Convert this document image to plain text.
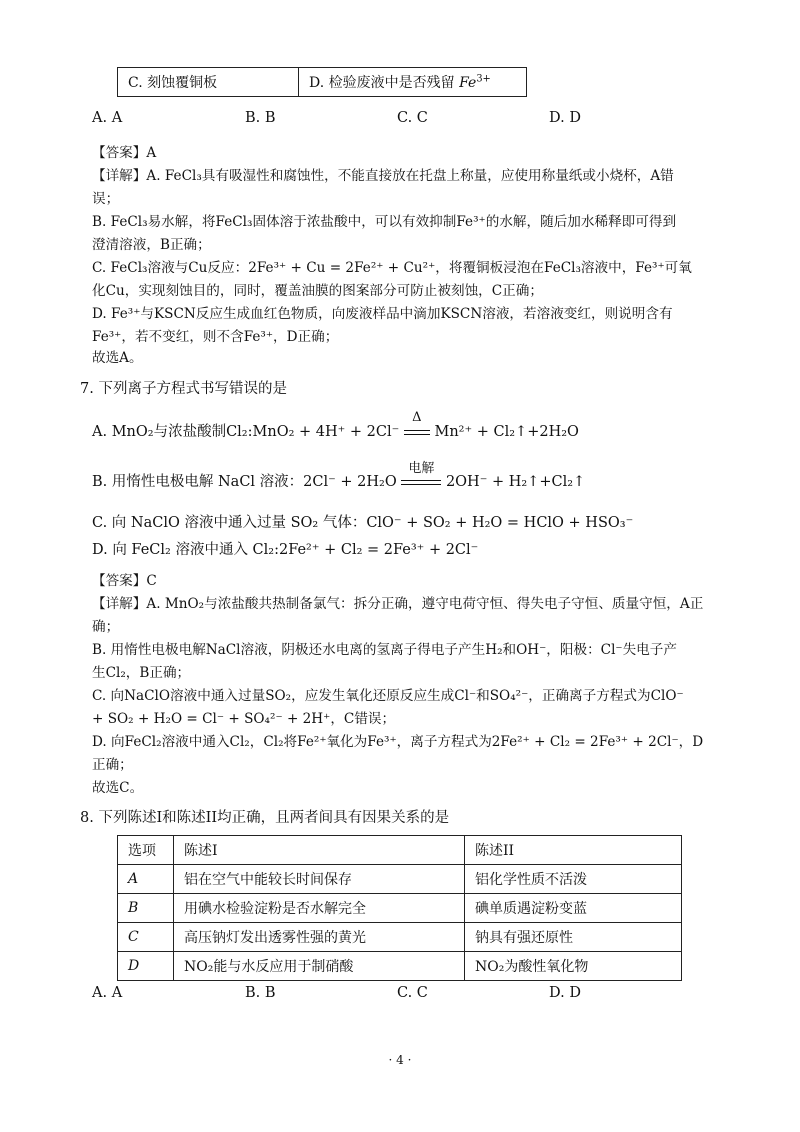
C. 刻蚀覆铜板	D. 检验废液中是否残留 $Fe^{3+}$
A. A	B. B	C. C	D. D
【答案】A
【详解】A. FeCl₃具有吸湿性和腐蚀性，不能直接放在托盘上称量，应使用称量纸或小烧杯，A错
误；
B. FeCl₃易水解，将FeCl₃固体溶于浓盐酸中，可以有效抑制Fe³⁺的水解，随后加水稀释即可得到
澄清溶液，B正确；
C. FeCl₃溶液与Cu反应：2Fe³⁺ + Cu = 2Fe²⁺ + Cu²⁺，将覆铜板浸泡在FeCl₃溶液中，Fe³⁺可氧
化Cu，实现刻蚀目的，同时，覆盖油膜的图案部分可防止被刻蚀，C正确；
D. Fe³⁺与KSCN反应生成血红色物质，向废液样品中滴加KSCN溶液，若溶液变红，则说明含有
Fe³⁺，若不变红，则不含Fe³⁺，D正确；
故选A。
7. 下列离子方程式书写错误的是
A. MnO₂与浓盐酸制Cl₂:MnO₂ + 4H⁺ + 2Cl⁻
Δ
Mn²⁺ + Cl₂↑+2H₂O
B. 用惰性电极电解 NaCl 溶液：2Cl⁻ + 2H₂O
电解
2OH⁻ + H₂↑+Cl₂↑
C. 向 NaClO 溶液中通入过量 SO₂ 气体：ClO⁻ + SO₂ + H₂O = HClO + HSO₃⁻
D. 向 FeCl₂ 溶液中通入 Cl₂:2Fe²⁺ + Cl₂ = 2Fe³⁺ + 2Cl⁻
【答案】C
【详解】A. MnO₂与浓盐酸共热制备氯气：拆分正确，遵守电荷守恒、得失电子守恒、质量守恒，A正
确；
B. 用惰性电极电解NaCl溶液，阴极还水电离的氢离子得电子产生H₂和OH⁻，阳极：Cl⁻失电子产
生Cl₂，B正确；
C. 向NaClO溶液中通入过量SO₂，应发生氧化还原反应生成Cl⁻和SO₄²⁻，正确离子方程式为ClO⁻
+ SO₂ + H₂O = Cl⁻ + SO₄²⁻ + 2H⁺，C错误；
D. 向FeCl₂溶液中通入Cl₂，Cl₂将Fe²⁺氧化为Fe³⁺，离子方程式为2Fe²⁺ + Cl₂ = 2Fe³⁺ + 2Cl⁻，D
正确；
故选C。
8. 下列陈述I和陈述II均正确，且两者间具有因果关系的是
选项	陈述I	陈述II
A	铝在空气中能较长时间保存	铝化学性质不活泼
B	用碘水检验淀粉是否水解完全	碘单质遇淀粉变蓝
C	高压钠灯发出透雾性强的黄光	钠具有强还原性
D	NO₂能与水反应用于制硝酸	NO₂为酸性氧化物
A. A	B. B	C. C	D. D
· 4 ·
